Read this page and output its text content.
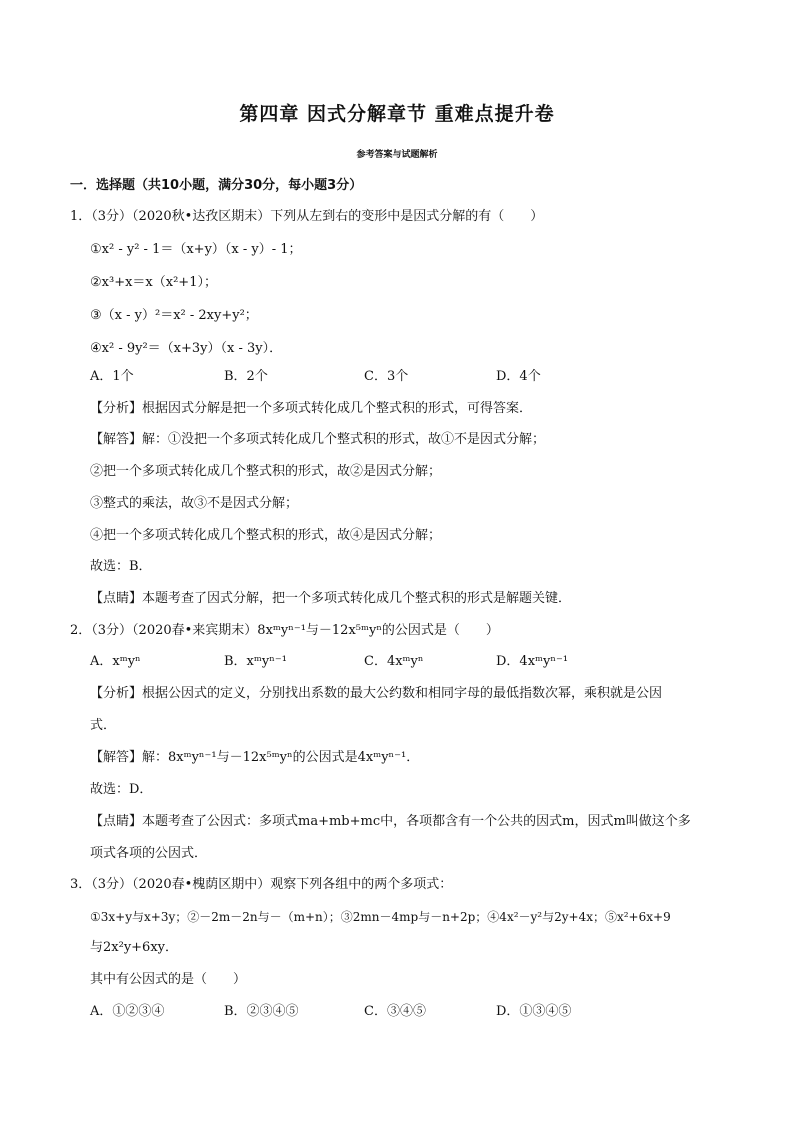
第四章 因式分解章节 重难点提升卷
参考答案与试题解析
一．选择题（共10小题，满分30分，每小题3分）
1．（3分）（2020秋•达孜区期末）下列从左到右的变形中是因式分解的有（　　）
①x² - y² - 1＝（x+y）（x - y）- 1；
②x³+x＝x（x²+1）；
③（x - y）²＝x² - 2xy+y²；
④x² - 9y²＝（x+3y）（x - 3y）．
A．1个	B．2个	C．3个	D．4个
【分析】根据因式分解是把一个多项式转化成几个整式积的形式，可得答案．
【解答】解：①没把一个多项式转化成几个整式积的形式，故①不是因式分解；
②把一个多项式转化成几个整式积的形式，故②是因式分解；
③整式的乘法，故③不是因式分解；
④把一个多项式转化成几个整式积的形式，故④是因式分解；
故选：B．
【点睛】本题考查了因式分解，把一个多项式转化成几个整式积的形式是解题关键．
2．（3分）（2020春•来宾期末）8xᵐyⁿ⁻¹与－12x⁵ᵐyⁿ的公因式是（　　）
A．xᵐyⁿ	B．xᵐyⁿ⁻¹	C．4xᵐyⁿ	D．4xᵐyⁿ⁻¹
【分析】根据公因式的定义，分别找出系数的最大公约数和相同字母的最低指数次幂，乘积就是公因
式．
【解答】解：8xᵐyⁿ⁻¹与－12x⁵ᵐyⁿ的公因式是4xᵐyⁿ⁻¹．
故选：D．
【点睛】本题考查了公因式：多项式ma+mb+mc中，各项都含有一个公共的因式m，因式m叫做这个多
项式各项的公因式．
3．（3分）（2020春•槐荫区期中）观察下列各组中的两个多项式：
①3x+y与x+3y；②－2m－2n与－（m+n）；③2mn－4mp与－n+2p；④4x²－y²与2y+4x；⑤x²+6x+9
与2x²y+6xy．
其中有公因式的是（　　）
A．①②③④	B．②③④⑤	C．③④⑤	D．①③④⑤
